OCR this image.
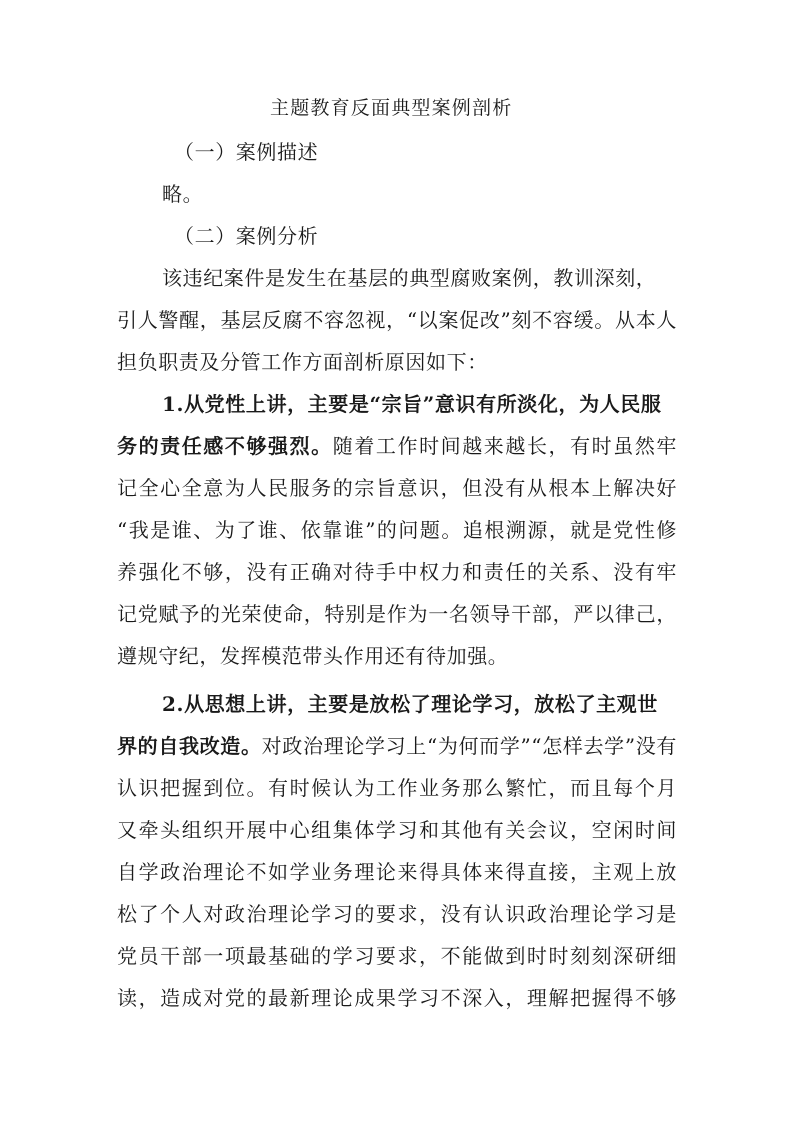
主题教育反面典型案例剖析

（一）案例描述

略。

（二）案例分析

该违纪案件是发生在基层的典型腐败案例，教训深刻，

引人警醒，基层反腐不容忽视，“以案促改”刻不容缓。从本人

担负职责及分管工作方面剖析原因如下：

1.从党性上讲，主要是“宗旨”意识有所淡化，为人民服

务的责任感不够强烈。随着工作时间越来越长，有时虽然牢

记全心全意为人民服务的宗旨意识，但没有从根本上解决好

“我是谁、为了谁、依靠谁”的问题。追根溯源，就是党性修

养强化不够，没有正确对待手中权力和责任的关系、没有牢

记党赋予的光荣使命，特别是作为一名领导干部，严以律己，

遵规守纪，发挥模范带头作用还有待加强。

2.从思想上讲，主要是放松了理论学习，放松了主观世

界的自我改造。对政治理论学习上“为何而学”“怎样去学”没有

认识把握到位。有时候认为工作业务那么繁忙，而且每个月

又牵头组织开展中心组集体学习和其他有关会议，空闲时间

自学政治理论不如学业务理论来得具体来得直接，主观上放

松了个人对政治理论学习的要求，没有认识政治理论学习是

党员干部一项最基础的学习要求，不能做到时时刻刻深研细

读，造成对党的最新理论成果学习不深入，理解把握得不够
